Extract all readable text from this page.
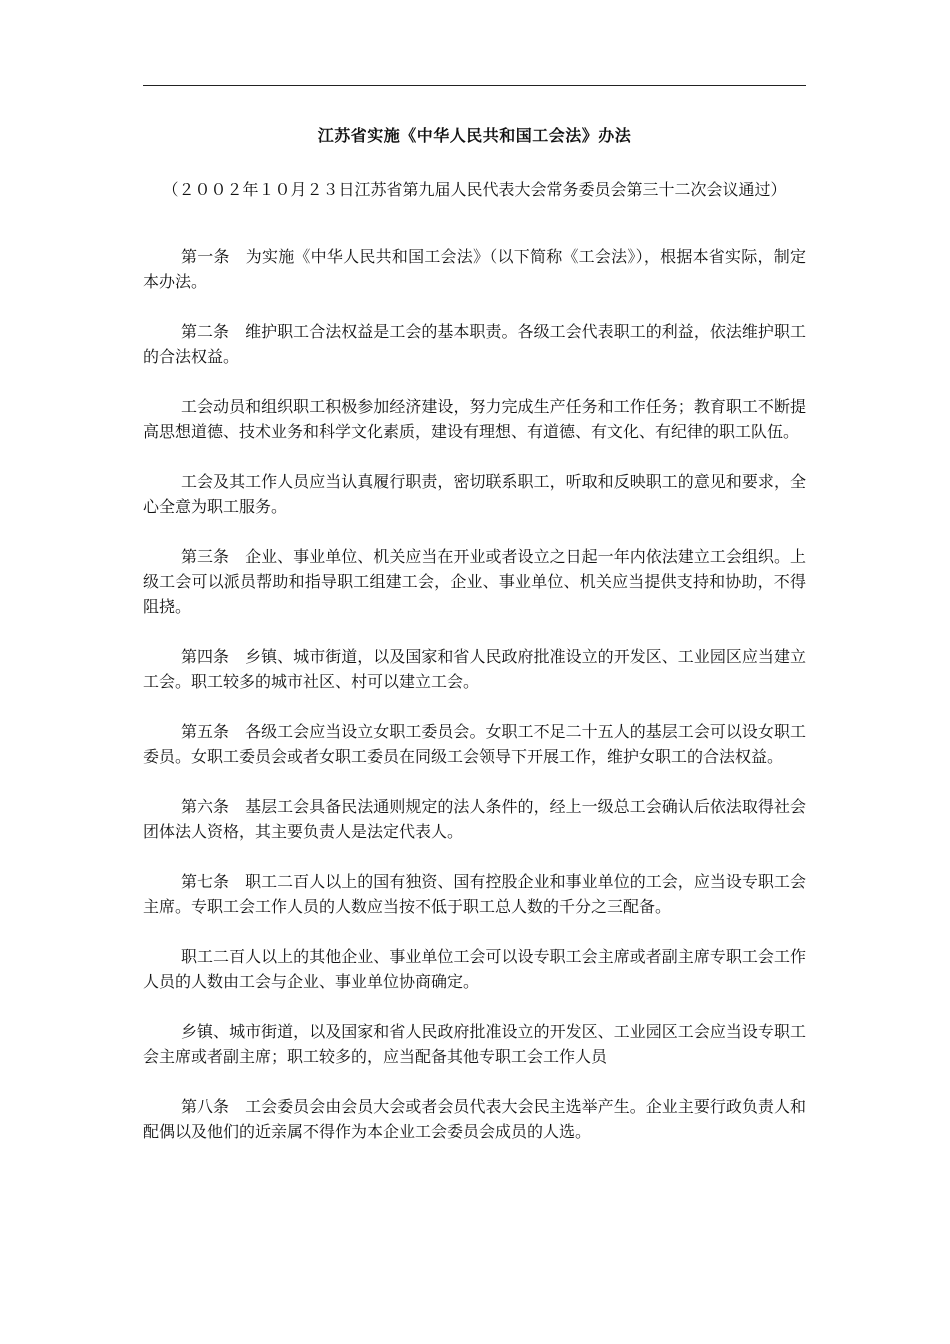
江苏省实施《中华人民共和国工会法》办法

（２００２年１０月２３日江苏省第九届人民代表大会常务委员会第三十二次会议通过）

第一条 为实施《中华人民共和国工会法》（以下简称《工会法》），根据本省实际，制定本办法。

第二条 维护职工合法权益是工会的基本职责。各级工会代表职工的利益，依法维护职工的合法权益。

工会动员和组织职工积极参加经济建设，努力完成生产任务和工作任务；教育职工不断提高思想道德、技术业务和科学文化素质，建设有理想、有道德、有文化、有纪律的职工队伍。

工会及其工作人员应当认真履行职责，密切联系职工，听取和反映职工的意见和要求，全心全意为职工服务。

第三条 企业、事业单位、机关应当在开业或者设立之日起一年内依法建立工会组织。上级工会可以派员帮助和指导职工组建工会，企业、事业单位、机关应当提供支持和协助，不得阻挠。

第四条 乡镇、城市街道，以及国家和省人民政府批准设立的开发区、工业园区应当建立工会。职工较多的城市社区、村可以建立工会。

第五条 各级工会应当设立女职工委员会。女职工不足二十五人的基层工会可以设女职工委员。女职工委员会或者女职工委员在同级工会领导下开展工作，维护女职工的合法权益。

第六条 基层工会具备民法通则规定的法人条件的，经上一级总工会确认后依法取得社会团体法人资格，其主要负责人是法定代表人。

第七条 职工二百人以上的国有独资、国有控股企业和事业单位的工会，应当设专职工会主席。专职工会工作人员的人数应当按不低于职工总人数的千分之三配备。

职工二百人以上的其他企业、事业单位工会可以设专职工会主席或者副主席专职工会工作人员的人数由工会与企业、事业单位协商确定。

乡镇、城市街道，以及国家和省人民政府批准设立的开发区、工业园区工会应当设专职工会主席或者副主席；职工较多的，应当配备其他专职工会工作人员

第八条 工会委员会由会员大会或者会员代表大会民主选举产生。企业主要行政负责人和配偶以及他们的近亲属不得作为本企业工会委员会成员的人选。
